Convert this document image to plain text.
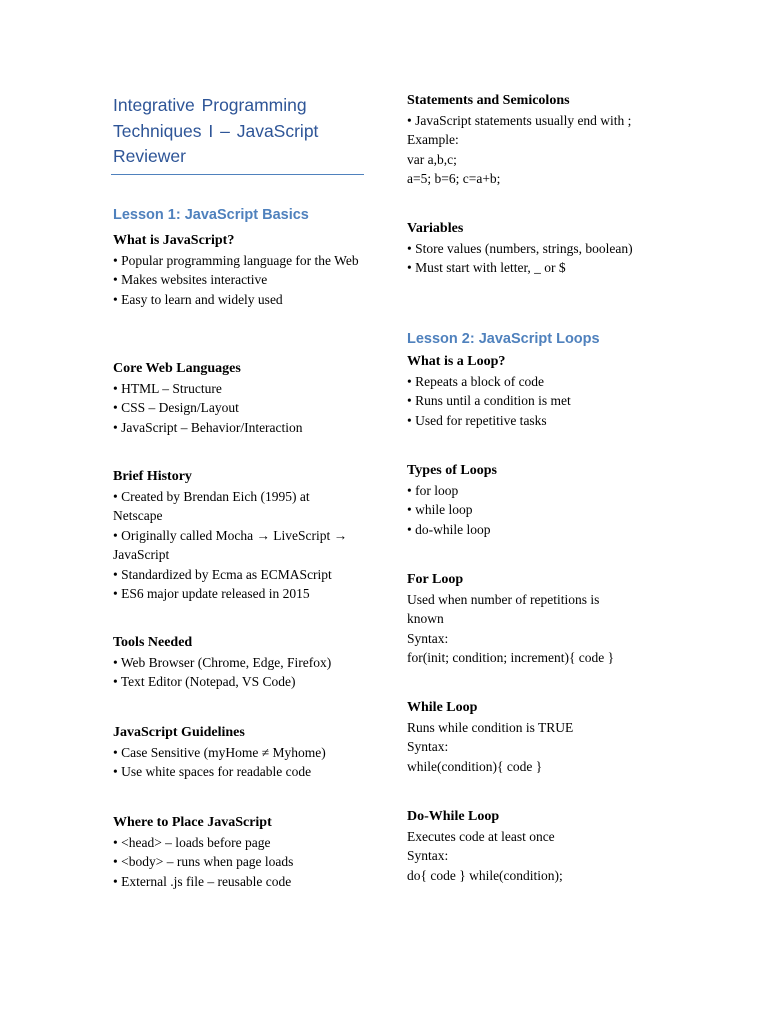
Integrative Programming Techniques I – JavaScript Reviewer
Lesson 1: JavaScript Basics
What is JavaScript?
• Popular programming language for the Web
• Makes websites interactive
• Easy to learn and widely used
Core Web Languages
• HTML – Structure
• CSS – Design/Layout
• JavaScript – Behavior/Interaction
Brief History
• Created by Brendan Eich (1995) at Netscape
• Originally called Mocha → LiveScript → JavaScript
• Standardized by Ecma as ECMAScript
• ES6 major update released in 2015
Tools Needed
• Web Browser (Chrome, Edge, Firefox)
• Text Editor (Notepad, VS Code)
JavaScript Guidelines
• Case Sensitive (myHome ≠ Myhome)
• Use white spaces for readable code
Where to Place JavaScript
• <head> – loads before page
• <body> – runs when page loads
• External .js file – reusable code
Statements and Semicolons
• JavaScript statements usually end with ;
Example:
var a,b,c;
a=5; b=6; c=a+b;
Variables
• Store values (numbers, strings, boolean)
• Must start with letter, _ or $
Lesson 2: JavaScript Loops
What is a Loop?
• Repeats a block of code
• Runs until a condition is met
• Used for repetitive tasks
Types of Loops
• for loop
• while loop
• do-while loop
For Loop
Used when number of repetitions is known
Syntax:
for(init; condition; increment){ code }
While Loop
Runs while condition is TRUE
Syntax:
while(condition){ code }
Do-While Loop
Executes code at least once
Syntax:
do{ code } while(condition);
